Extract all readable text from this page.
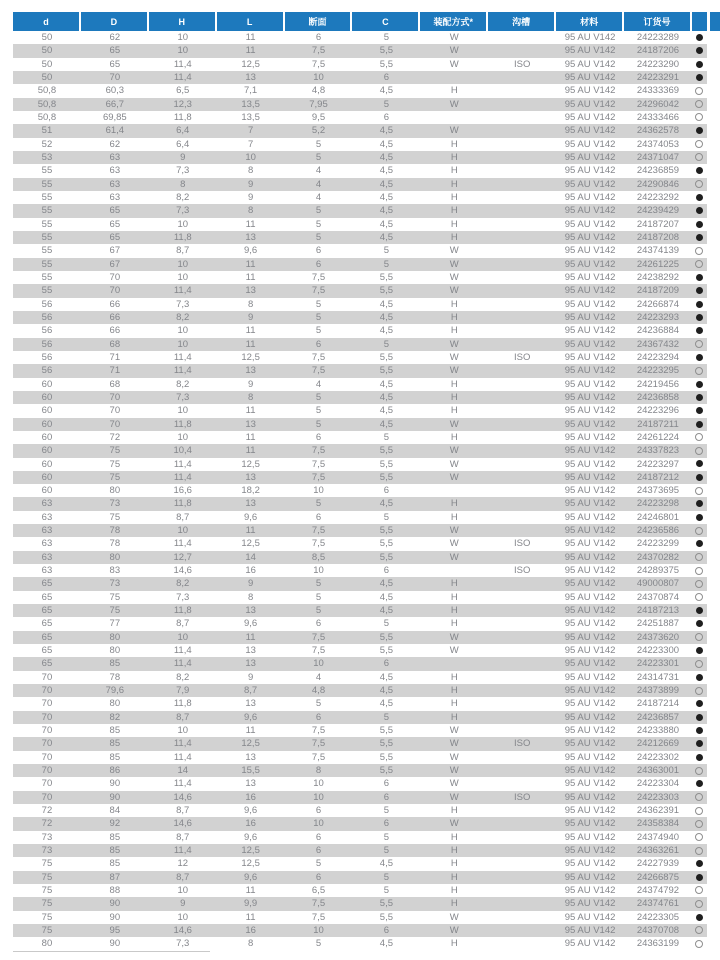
d	D	H	L	断面	C	装配方式*	沟槽	材料	订货号	
50	62	10	11	6	5	W		95 AU V142	24223289	
50	65	10	11	7,5	5,5	W		95 AU V142	24187206	
50	65	11,4	12,5	7,5	5,5	W	ISO	95 AU V142	24223290	
50	70	11,4	13	10	6			95 AU V142	24223291	
50,8	60,3	6,5	7,1	4,8	4,5	H		95 AU V142	24333369	
50,8	66,7	12,3	13,5	7,95	5	W		95 AU V142	24296042	
50,8	69,85	11,8	13,5	9,5	6			95 AU V142	24333466	
51	61,4	6,4	7	5,2	4,5	W		95 AU V142	24362578	
52	62	6,4	7	5	4,5	H		95 AU V142	24374053	
53	63	9	10	5	4,5	H		95 AU V142	24371047	
55	63	7,3	8	4	4,5	H		95 AU V142	24236859	
55	63	8	9	4	4,5	H		95 AU V142	24290846	
55	63	8,2	9	4	4,5	H		95 AU V142	24223292	
55	65	7,3	8	5	4,5	H		95 AU V142	24239429	
55	65	10	11	5	4,5	H		95 AU V142	24187207	
55	65	11,8	13	5	4,5	H		95 AU V142	24187208	
55	67	8,7	9,6	6	5	W		95 AU V142	24374139	
55	67	10	11	6	5	W		95 AU V142	24261225	
55	70	10	11	7,5	5,5	W		95 AU V142	24238292	
55	70	11,4	13	7,5	5,5	W		95 AU V142	24187209	
56	66	7,3	8	5	4,5	H		95 AU V142	24266874	
56	66	8,2	9	5	4,5	H		95 AU V142	24223293	
56	66	10	11	5	4,5	H		95 AU V142	24236884	
56	68	10	11	6	5	W		95 AU V142	24367432	
56	71	11,4	12,5	7,5	5,5	W	ISO	95 AU V142	24223294	
56	71	11,4	13	7,5	5,5	W		95 AU V142	24223295	
60	68	8,2	9	4	4,5	H		95 AU V142	24219456	
60	70	7,3	8	5	4,5	H		95 AU V142	24236858	
60	70	10	11	5	4,5	H		95 AU V142	24223296	
60	70	11,8	13	5	4,5	W		95 AU V142	24187211	
60	72	10	11	6	5	H		95 AU V142	24261224	
60	75	10,4	11	7,5	5,5	W		95 AU V142	24337823	
60	75	11,4	12,5	7,5	5,5	W		95 AU V142	24223297	
60	75	11,4	13	7,5	5,5	W		95 AU V142	24187212	
60	80	16,6	18,2	10	6			95 AU V142	24373695	
63	73	11,8	13	5	4,5	H		95 AU V142	24223298	
63	75	8,7	9,6	6	5	H		95 AU V142	24246801	
63	78	10	11	7,5	5,5	W		95 AU V142	24236586	
63	78	11,4	12,5	7,5	5,5	W	ISO	95 AU V142	24223299	
63	80	12,7	14	8,5	5,5	W		95 AU V142	24370282	
63	83	14,6	16	10	6		ISO	95 AU V142	24289375	
65	73	8,2	9	5	4,5	H		95 AU V142	49000807	
65	75	7,3	8	5	4,5	H		95 AU V142	24370874	
65	75	11,8	13	5	4,5	H		95 AU V142	24187213	
65	77	8,7	9,6	6	5	H		95 AU V142	24251887	
65	80	10	11	7,5	5,5	W		95 AU V142	24373620	
65	80	11,4	13	7,5	5,5	W		95 AU V142	24223300	
65	85	11,4	13	10	6			95 AU V142	24223301	
70	78	8,2	9	4	4,5	H		95 AU V142	24314731	
70	79,6	7,9	8,7	4,8	4,5	H		95 AU V142	24373899	
70	80	11,8	13	5	4,5	H		95 AU V142	24187214	
70	82	8,7	9,6	6	5	H		95 AU V142	24236857	
70	85	10	11	7,5	5,5	W		95 AU V142	24233880	
70	85	11,4	12,5	7,5	5,5	W	ISO	95 AU V142	24212669	
70	85	11,4	13	7,5	5,5	W		95 AU V142	24223302	
70	86	14	15,5	8	5,5	W		95 AU V142	24363001	
70	90	11,4	13	10	6	W		95 AU V142	24223304	
70	90	14,6	16	10	6	W	ISO	95 AU V142	24223303	
72	84	8,7	9,6	6	5	H		95 AU V142	24362391	
72	92	14,6	16	10	6	W		95 AU V142	24358384	
73	85	8,7	9,6	6	5	H		95 AU V142	24374940	
73	85	11,4	12,5	6	5	H		95 AU V142	24363261	
75	85	12	12,5	5	4,5	H		95 AU V142	24227939	
75	87	8,7	9,6	6	5	H		95 AU V142	24266875	
75	88	10	11	6,5	5	H		95 AU V142	24374792	
75	90	9	9,9	7,5	5,5	H		95 AU V142	24374761	
75	90	10	11	7,5	5,5	W		95 AU V142	24223305	
75	95	14,6	16	10	6	W		95 AU V142	24370708	
80	90	7,3	8	5	4,5	H		95 AU V142	24363199	
